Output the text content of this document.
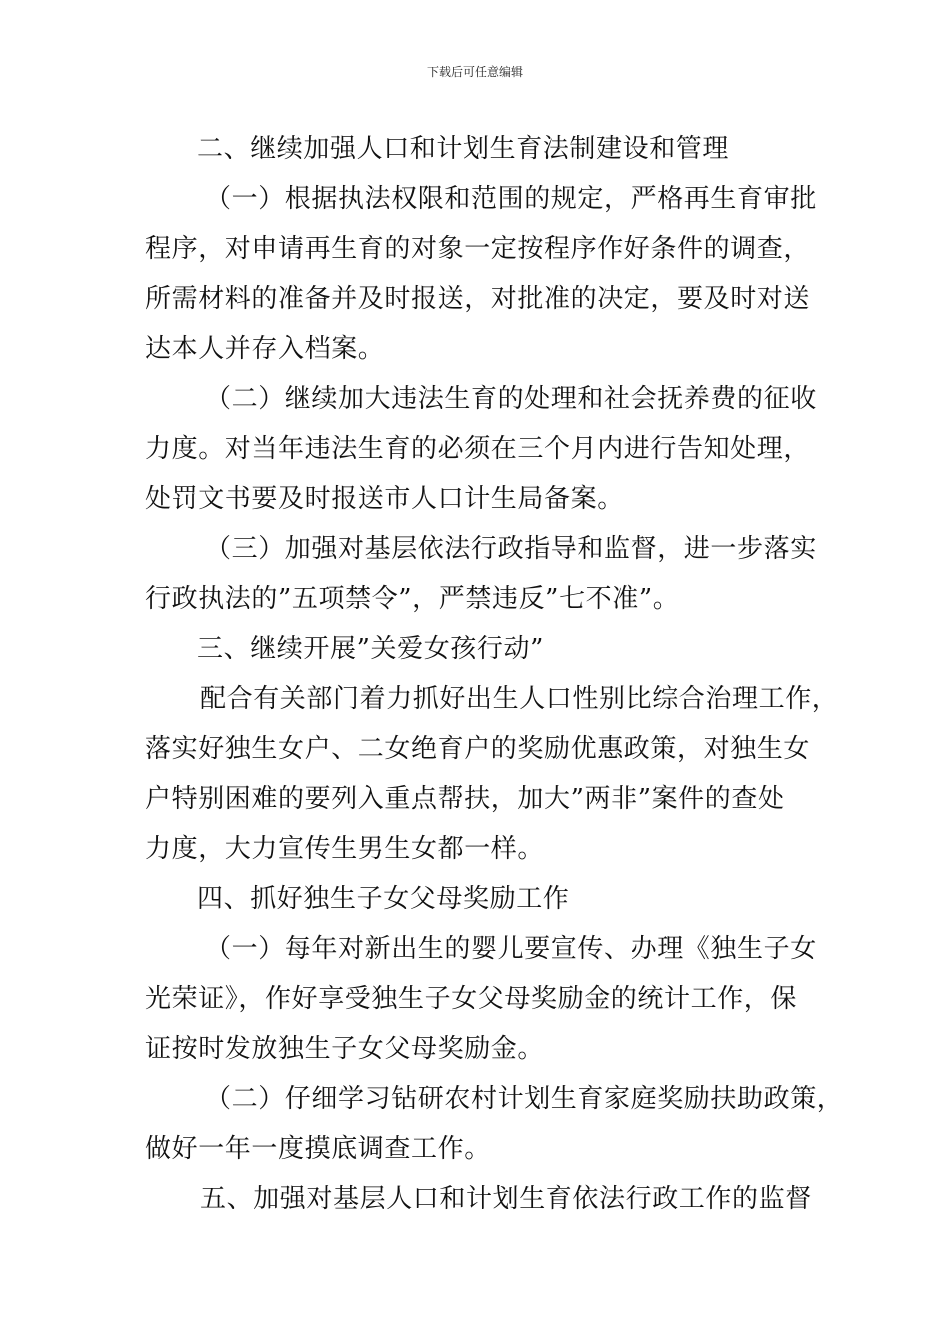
下载后可任意编辑
二、继续加强人口和计划生育法制建设和管理
（一）根据执法权限和范围的规定，严格再生育审批
程序，对申请再生育的对象一定按程序作好条件的调查，
所需材料的准备并及时报送，对批准的决定，要及时对送
达本人并存入档案。
（二）继续加大违法生育的处理和社会抚养费的征收
力度。对当年违法生育的必须在三个月内进行告知处理，
处罚文书要及时报送市人口计生局备案。
（三）加强对基层依法行政指导和监督，进一步落实
行政执法的”五项禁令”，严禁违反”七不准”。
三、继续开展”关爱女孩行动”
配合有关部门着力抓好出生人口性别比综合治理工作，
落实好独生女户、二女绝育户的奖励优惠政策，对独生女
户特别困难的要列入重点帮扶，加大”两非”案件的查处
力度，大力宣传生男生女都一样。
四、抓好独生子女父母奖励工作
（一）每年对新出生的婴儿要宣传、办理《独生子女
光荣证》，作好享受独生子女父母奖励金的统计工作，保
证按时发放独生子女父母奖励金。
（二）仔细学习钻研农村计划生育家庭奖励扶助政策，
做好一年一度摸底调查工作。
五、加强对基层人口和计划生育依法行政工作的监督
